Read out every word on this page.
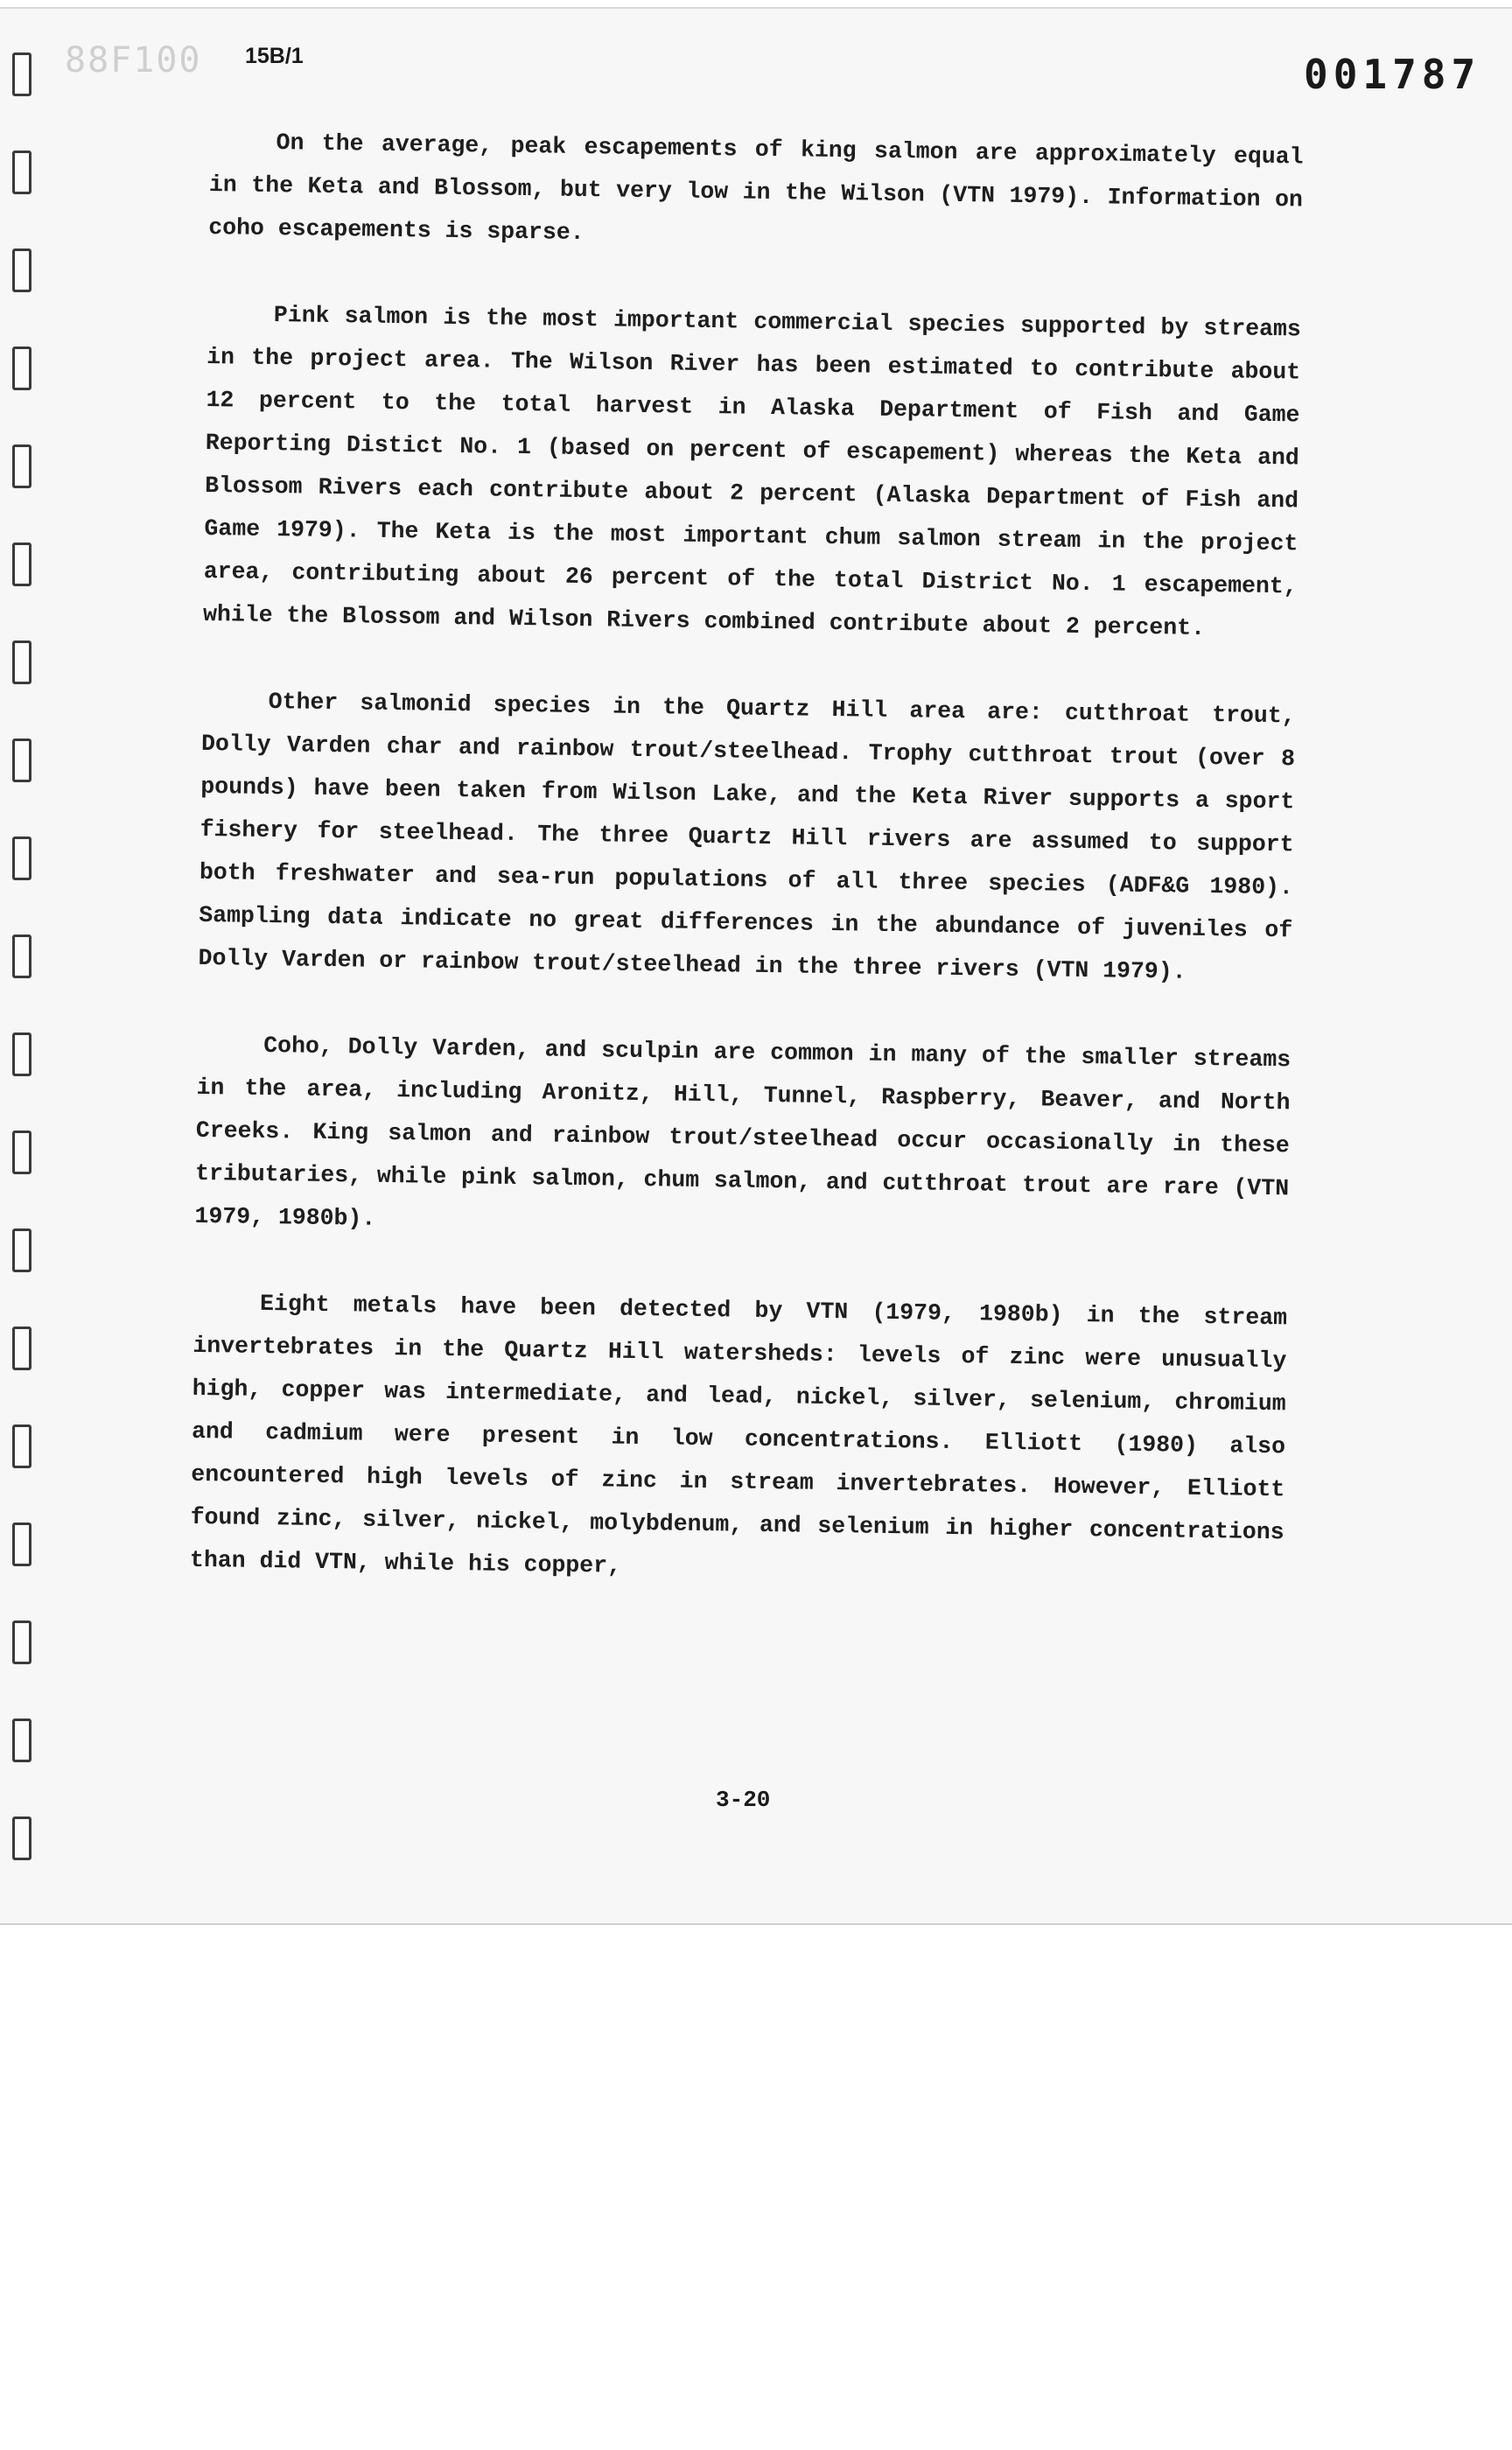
88F100 15B/1	001787

On the average, peak escapements of king salmon are approximately equal in the Keta and Blossom, but very low in the Wilson (VTN 1979). Information on coho escapements is sparse.

Pink salmon is the most important commercial species supported by streams in the project area. The Wilson River has been estimated to contribute about 12 percent to the total harvest in Alaska Department of Fish and Game Reporting Distict No. 1 (based on percent of escapement) whereas the Keta and Blossom Rivers each contribute about 2 percent (Alaska Department of Fish and Game 1979). The Keta is the most important chum salmon stream in the project area, contributing about 26 percent of the total District No. 1 escapement, while the Blossom and Wilson Rivers combined contribute about 2 percent.

Other salmonid species in the Quartz Hill area are: cutthroat trout, Dolly Varden char and rainbow trout/steelhead. Trophy cutthroat trout (over 8 pounds) have been taken from Wilson Lake, and the Keta River supports a sport fishery for steelhead. The three Quartz Hill rivers are assumed to support both freshwater and sea-run populations of all three species (ADF&G 1980). Sampling data indicate no great differences in the abundance of juveniles of Dolly Varden or rainbow trout/steelhead in the three rivers (VTN 1979).

Coho, Dolly Varden, and sculpin are common in many of the smaller streams in the area, including Aronitz, Hill, Tunnel, Raspberry, Beaver, and North Creeks. King salmon and rainbow trout/steelhead occur occasionally in these tributaries, while pink salmon, chum salmon, and cutthroat trout are rare (VTN 1979, 1980b).

Eight metals have been detected by VTN (1979, 1980b) in the stream invertebrates in the Quartz Hill watersheds: levels of zinc were unusually high, copper was intermediate, and lead, nickel, silver, selenium, chromium and cadmium were present in low concentrations. Elliott (1980) also encountered high levels of zinc in stream invertebrates. However, Elliott found zinc, silver, nickel, molybdenum, and selenium in higher concentrations than did VTN, while his copper,

3-20
